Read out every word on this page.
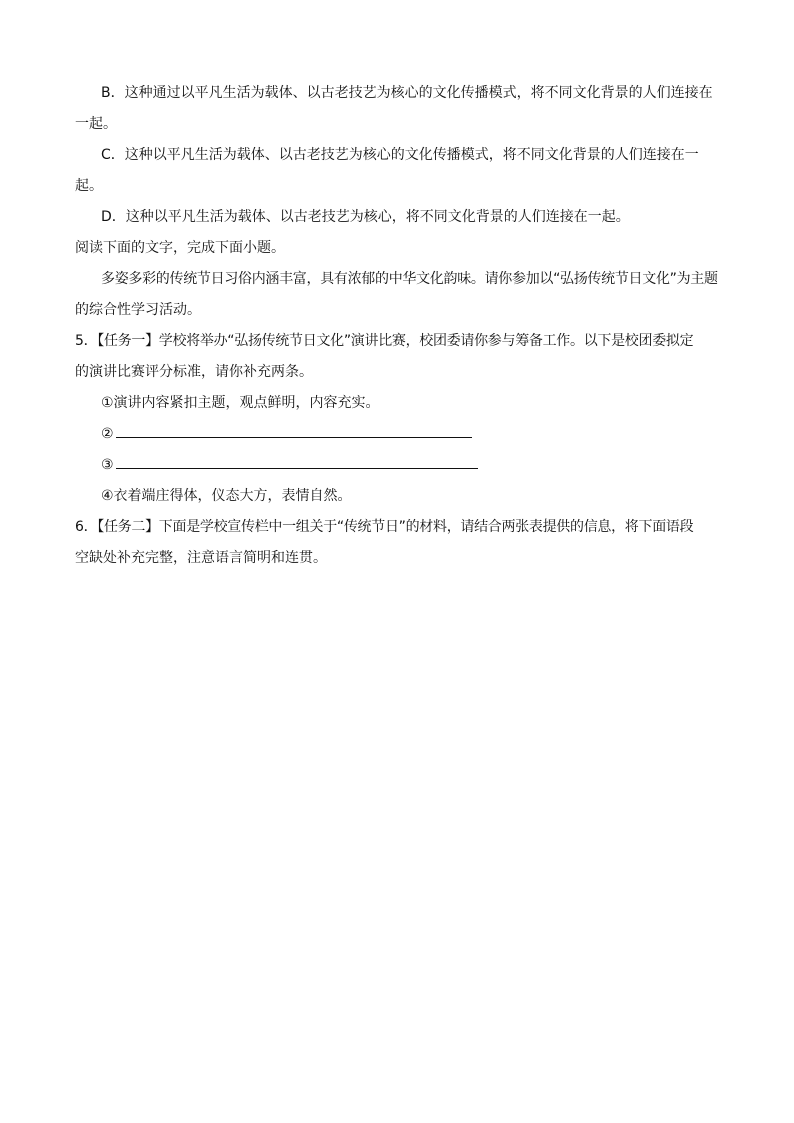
B．这种通过以平凡生活为载体、以古老技艺为核心的文化传播模式，将不同文化背景的人们连接在
一起。
C．这种以平凡生活为载体、以古老技艺为核心的文化传播模式，将不同文化背景的人们连接在一
起。
D．这种以平凡生活为载体、以古老技艺为核心，将不同文化背景的人们连接在一起。
阅读下面的文字，完成下面小题。
多姿多彩的传统节日习俗内涵丰富，具有浓郁的中华文化韵味。请你参加以“弘扬传统节日文化”为主题
的综合性学习活动。
5．【任务一】学校将举办“弘扬传统节日文化”演讲比赛，校团委请你参与筹备工作。以下是校团委拟定
的演讲比赛评分标准，请你补充两条。
①演讲内容紧扣主题，观点鲜明，内容充实。
②
③
④衣着端庄得体，仪态大方，表情自然。
6．【任务二】下面是学校宣传栏中一组关于“传统节日”的材料，请结合两张表提供的信息，将下面语段
空缺处补充完整，注意语言简明和连贯。
